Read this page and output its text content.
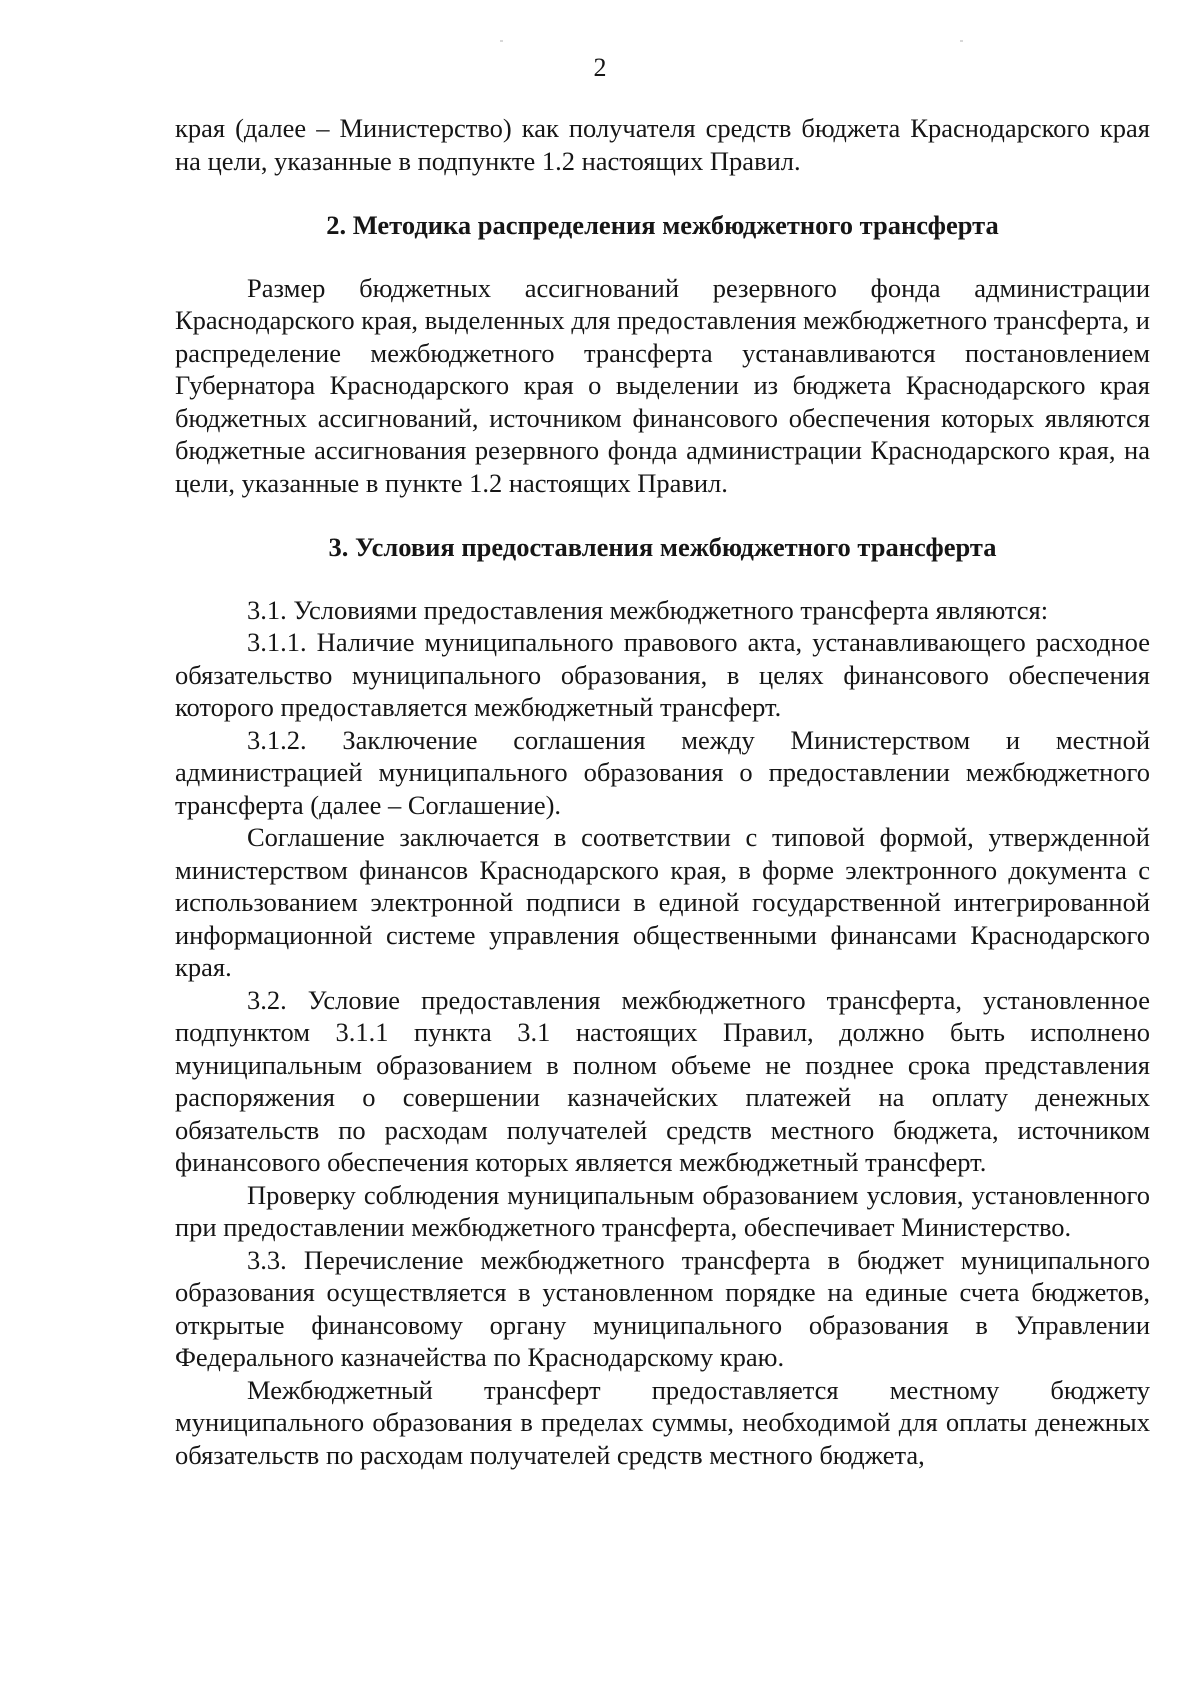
2

края (далее – Министерство) как получателя средств бюджета Краснодарского края на цели, указанные в подпункте 1.2 настоящих Правил.

2. Методика распределения межбюджетного трансферта

Размер бюджетных ассигнований резервного фонда администрации Краснодарского края, выделенных для предоставления межбюджетного трансферта, и распределение межбюджетного трансферта устанавливаются постановлением Губернатора Краснодарского края о выделении из бюджета Краснодарского края бюджетных ассигнований, источником финансового обеспечения которых являются бюджетные ассигнования резервного фонда администрации Краснодарского края, на цели, указанные в пункте 1.2 настоящих Правил.

3. Условия предоставления межбюджетного трансферта

3.1. Условиями предоставления межбюджетного трансферта являются:

3.1.1. Наличие муниципального правового акта, устанавливающего расходное обязательство муниципального образования, в целях финансового обеспечения которого предоставляется межбюджетный трансферт.

3.1.2. Заключение соглашения между Министерством и местной администрацией муниципального образования о предоставлении межбюджетного трансферта (далее – Соглашение).

Соглашение заключается в соответствии с типовой формой, утвержденной министерством финансов Краснодарского края, в форме электронного документа с использованием электронной подписи в единой государственной интегрированной информационной системе управления общественными финансами Краснодарского края.

3.2. Условие предоставления межбюджетного трансферта, установленное подпунктом 3.1.1 пункта 3.1 настоящих Правил, должно быть исполнено муниципальным образованием в полном объеме не позднее срока представления распоряжения о совершении казначейских платежей на оплату денежных обязательств по расходам получателей средств местного бюджета, источником финансового обеспечения которых является межбюджетный трансферт.

Проверку соблюдения муниципальным образованием условия, установленного при предоставлении межбюджетного трансферта, обеспечивает Министерство.

3.3. Перечисление межбюджетного трансферта в бюджет муниципального образования осуществляется в установленном порядке на единые счета бюджетов, открытые финансовому органу муниципального образования в Управлении Федерального казначейства по Краснодарскому краю.

Межбюджетный трансферт предоставляется местному бюджету муниципального образования в пределах суммы, необходимой для оплаты денежных обязательств по расходам получателей средств местного бюджета,
